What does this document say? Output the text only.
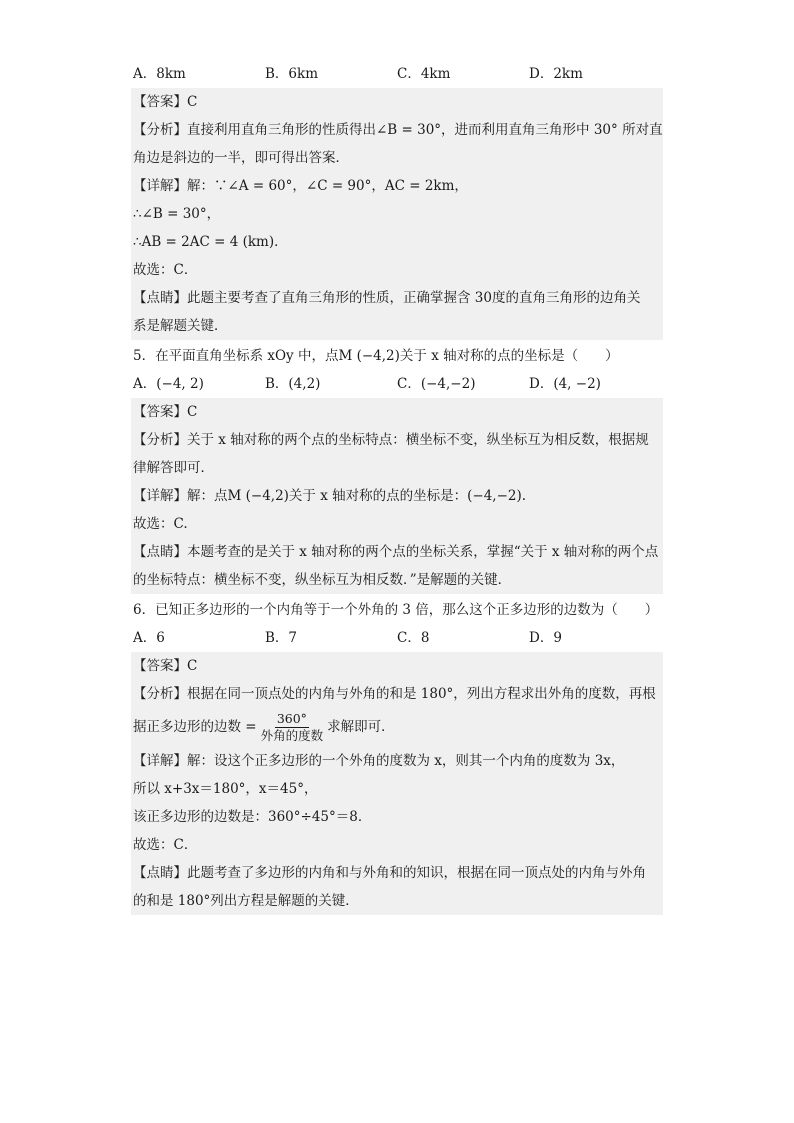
A．8km	B．6km	C．4km	D．2km
【答案】C
【分析】直接利用直角三角形的性质得出∠B = 30°，进而利用直角三角形中 30° 所对直
角边是斜边的一半，即可得出答案．
【详解】解：∵∠A = 60°，∠C = 90°，AC = 2km，
∴∠B = 30°，
∴AB = 2AC = 4 (km)．
故选：C．
【点睛】此题主要考查了直角三角形的性质，正确掌握含 30度的直角三角形的边角关
系是解题关键．
5．在平面直角坐标系 xOy 中，点M (−4,2)关于 x 轴对称的点的坐标是（　　）
A．(−4, 2)	B．(4,2)	C．(−4,−2)	D．(4, −2)
【答案】C
【分析】关于 x 轴对称的两个点的坐标特点：横坐标不变，纵坐标互为相反数，根据规
律解答即可．
【详解】解：点M (−4,2)关于 x 轴对称的点的坐标是：(−4,−2).
故选：C.
【点睛】本题考查的是关于 x 轴对称的两个点的坐标关系，掌握“关于 x 轴对称的两个点
的坐标特点：横坐标不变，纵坐标互为相反数．”是解题的关键．
6．已知正多边形的一个内角等于一个外角的 3 倍，那么这个正多边形的边数为（　　）
A．6	B．7	C．8	D．9
【答案】C
【分析】根据在同一顶点处的内角与外角的和是 180°，列出方程求出外角的度数，再根
据正多边形的边数 = $\frac{360^\circ}{\text{外角的度数}}$ 求解即可．
【详解】解：设这个正多边形的一个外角的度数为 x，则其一个内角的度数为 3x，
所以 x+3x＝180°，x＝45°，
该正多边形的边数是：360°÷45°＝8．
故选：C．
【点睛】此题考查了多边形的内角和与外角和的知识，根据在同一顶点处的内角与外角
的和是 180°列出方程是解题的关键．
